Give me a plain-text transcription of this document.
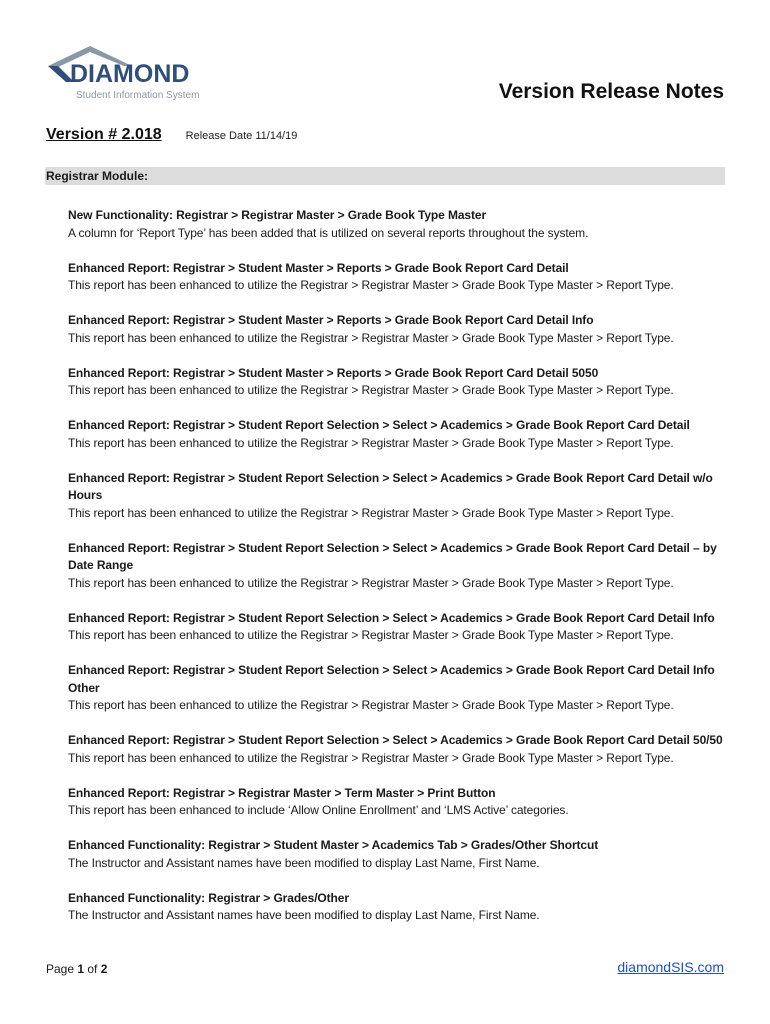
DIAMOND
Student Information System	Version Release Notes
Version # 2.018 Release Date 11/14/19
Registrar Module:
New Functionality: Registrar > Registrar Master > Grade Book Type Master
A column for ‘Report Type’ has been added that is utilized on several reports throughout the system.
Enhanced Report: Registrar > Student Master > Reports > Grade Book Report Card Detail
This report has been enhanced to utilize the Registrar > Registrar Master > Grade Book Type Master > Report Type.
Enhanced Report: Registrar > Student Master > Reports > Grade Book Report Card Detail Info
This report has been enhanced to utilize the Registrar > Registrar Master > Grade Book Type Master > Report Type.
Enhanced Report: Registrar > Student Master > Reports > Grade Book Report Card Detail 5050
This report has been enhanced to utilize the Registrar > Registrar Master > Grade Book Type Master > Report Type.
Enhanced Report: Registrar > Student Report Selection > Select > Academics > Grade Book Report Card Detail
This report has been enhanced to utilize the Registrar > Registrar Master > Grade Book Type Master > Report Type.
Enhanced Report: Registrar > Student Report Selection > Select > Academics > Grade Book Report Card Detail w/o Hours
This report has been enhanced to utilize the Registrar > Registrar Master > Grade Book Type Master > Report Type.
Enhanced Report: Registrar > Student Report Selection > Select > Academics > Grade Book Report Card Detail – by Date Range
This report has been enhanced to utilize the Registrar > Registrar Master > Grade Book Type Master > Report Type.
Enhanced Report: Registrar > Student Report Selection > Select > Academics > Grade Book Report Card Detail Info
This report has been enhanced to utilize the Registrar > Registrar Master > Grade Book Type Master > Report Type.
Enhanced Report: Registrar > Student Report Selection > Select > Academics > Grade Book Report Card Detail Info Other
This report has been enhanced to utilize the Registrar > Registrar Master > Grade Book Type Master > Report Type.
Enhanced Report: Registrar > Student Report Selection > Select > Academics > Grade Book Report Card Detail 50/50
This report has been enhanced to utilize the Registrar > Registrar Master > Grade Book Type Master > Report Type.
Enhanced Report: Registrar > Registrar Master > Term Master > Print Button
This report has been enhanced to include ‘Allow Online Enrollment’ and ‘LMS Active’ categories.
Enhanced Functionality: Registrar > Student Master > Academics Tab > Grades/Other Shortcut
The Instructor and Assistant names have been modified to display Last Name, First Name.
Enhanced Functionality: Registrar > Grades/Other
The Instructor and Assistant names have been modified to display Last Name, First Name.
Page 1 of 2	diamondSIS.com
